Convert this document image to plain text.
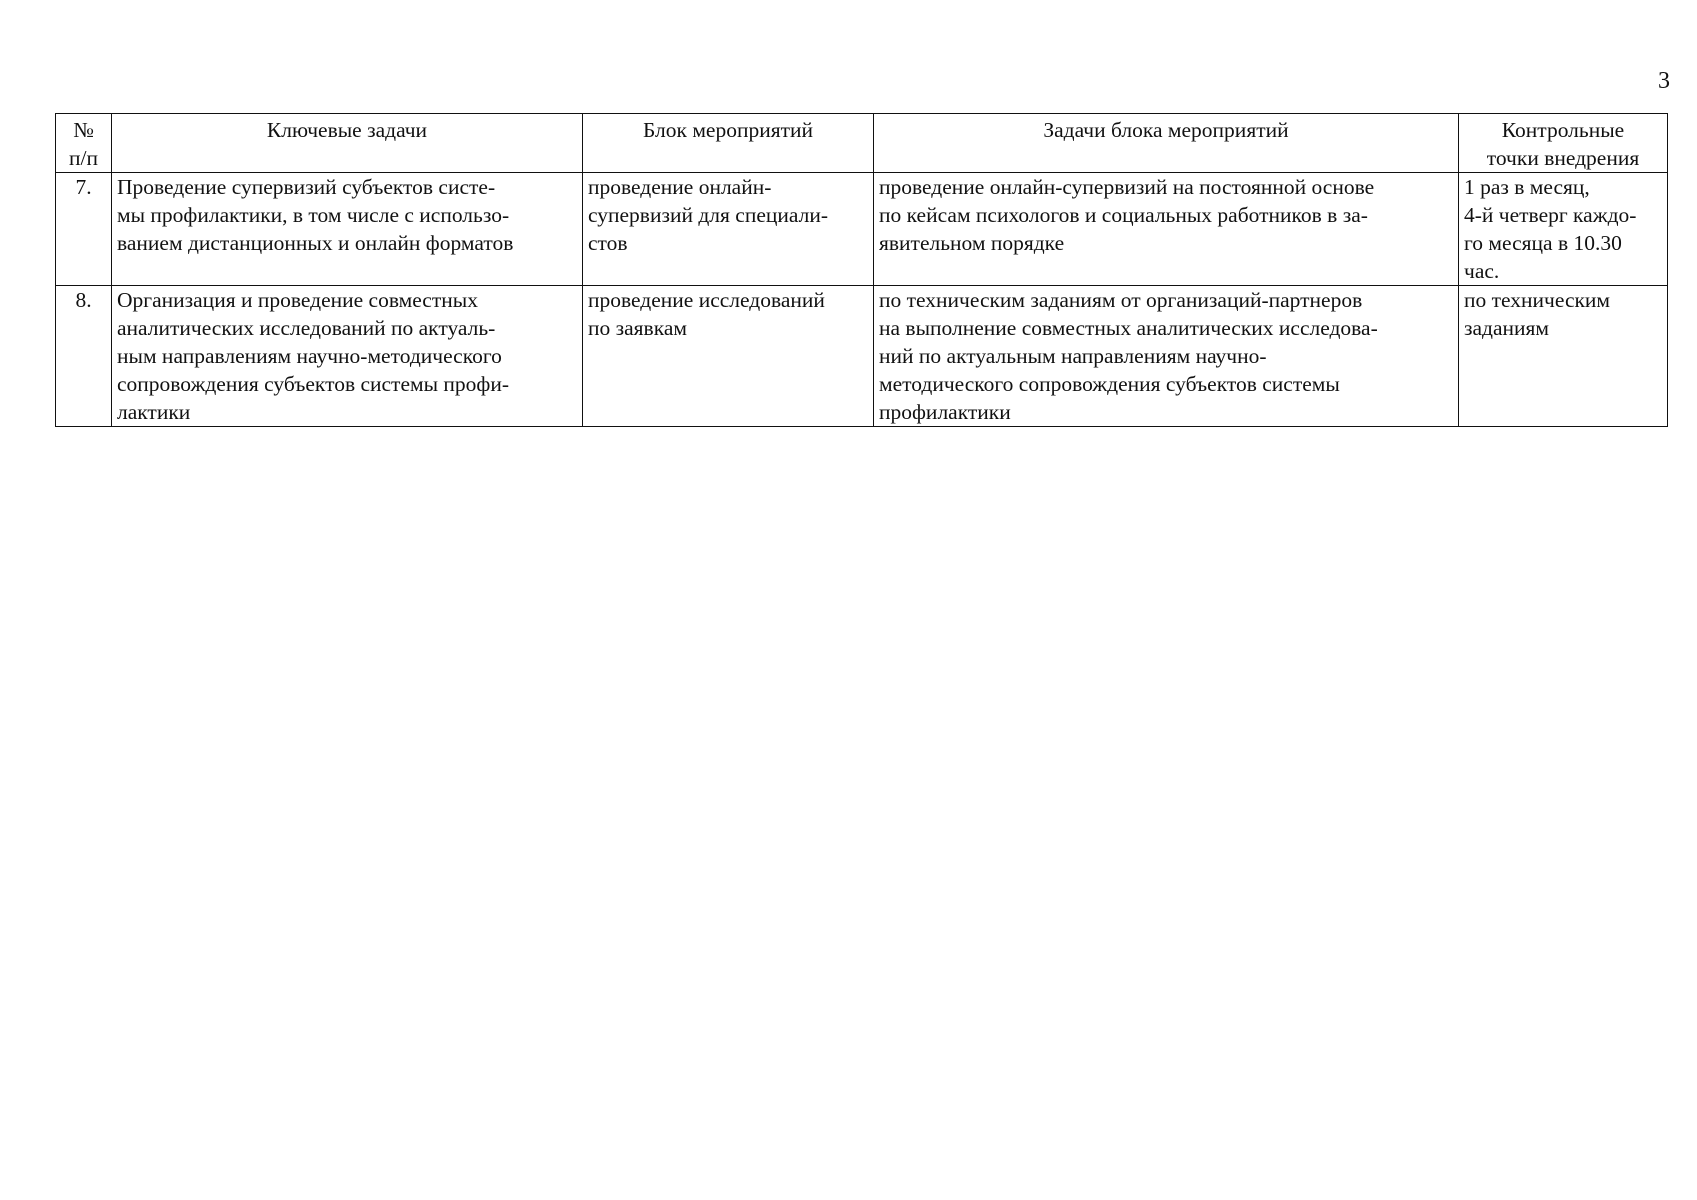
3
№
п/п	Ключевые задачи	Блок мероприятий	Задачи блока мероприятий	Контрольные
точки внедрения

7.	Проведение супервизий субъектов систе-
мы профилактики, в том числе с использо-
ванием дистанционных и онлайн форматов	проведение онлайн-
супервизий для специали-
стов	проведение онлайн-супервизий на постоянной основе
по кейсам психологов и социальных работников в за-
явительном порядке	1 раз в месяц,
4-й четверг каждо-
го месяца в 10.30
час.

8.	Организация и проведение совместных
аналитических исследований по актуаль-
ным направлениям научно-методического
сопровождения субъектов системы профи-
лактики	проведение исследований
по заявкам	по техническим заданиям от организаций-партнеров
на выполнение совместных аналитических исследова-
ний по актуальным направлениям научно-
методического сопровождения субъектов системы
профилактики	по техническим
заданиям
